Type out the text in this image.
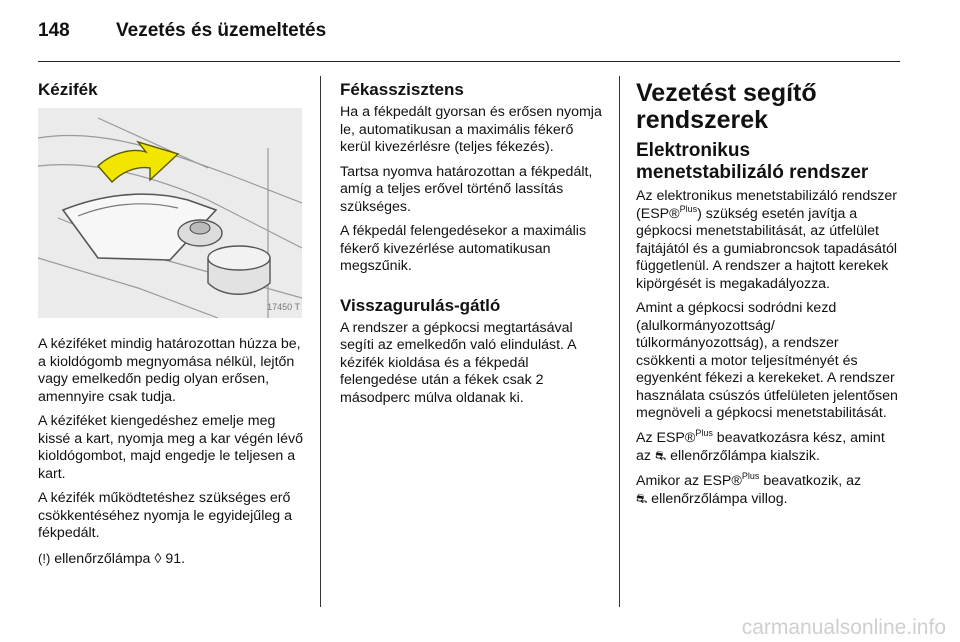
148 Vezetés és üzemeltetés
Kézifék
17450 T

A kéziféket mindig határozottan húzza be, a kioldógomb megnyomása nélkül, lejtőn vagy emelkedőn pedig olyan erősen, amennyire csak tudja.

A kéziféket kiengedéshez emelje meg kissé a kart, nyomja meg a kar végén lévő kioldógombot, majd engedje le teljesen a kart.

A kézifék működtetéshez szükséges erő csökkentéséhez nyomja le egyidejűleg a fékpedált.

(!) ellenőrzőlámpa ◊ 91.

Fékasszisztens

Ha a fékpedált gyorsan és erősen nyomja le, automatikusan a maximális fékerő kerül kivezérlésre (teljes fékezés).

Tartsa nyomva határozottan a fékpedált, amíg a teljes erővel történő lassítás szükséges.

A fékpedál felengedésekor a maximális fékerő kivezérlése automatikusan megszűnik.

Visszagurulás-gátló

A rendszer a gépkocsi megtartásával segíti az emelkedőn való elindulást. A kézifék kioldása és a fékpedál felengedése után a fékek csak 2 másodperc múlva oldanak ki.

Vezetést segítő rendszerek
Elektronikus menetstabilizáló rendszer

Az elektronikus menetstabilizáló rendszer (ESP®$^{Plus}$) szükség esetén javítja a gépkocsi menetstabilitását, az útfelület fajtájától és a gumiabroncsok tapadásától függetlenül. A rendszer a hajtott kerekek kipörgését is megakadályozza.

Amint a gépkocsi sodródni kezd (alulkormányozottság/ túlkormányozottság), a rendszer csökkenti a motor teljesítményét és egyenként fékezi a kerekeket. A rendszer használata csúszós útfelületen jelentősen megnöveli a gépkocsi menetstabilitását.

Az ESP®$^{Plus}$ beavatkozásra kész, amint az ⛐ ellenőrzőlámpa kialszik.

Amikor az ESP®$^{Plus}$ beavatkozik, az
⛐ ellenőrzőlámpa villog.

carmanualsonline.info
